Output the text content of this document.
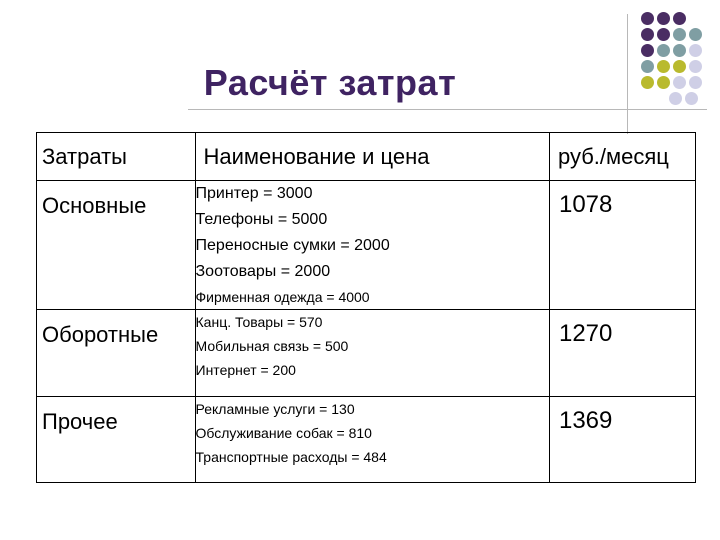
Расчёт затрат
Затраты	Наименование и цена	руб./месяц

Основные	Принтер = 3000
Телефоны = 5000
Переносные сумки = 2000
Зоотовары = 2000
Фирменная одежда = 4000	1078

Оборотные	Канц. Товары = 570
Мобильная связь = 500
Интернет = 200	1270

Прочее	Рекламные услуги = 130
Обслуживание собак = 810
Транспортные расходы = 484	1369
